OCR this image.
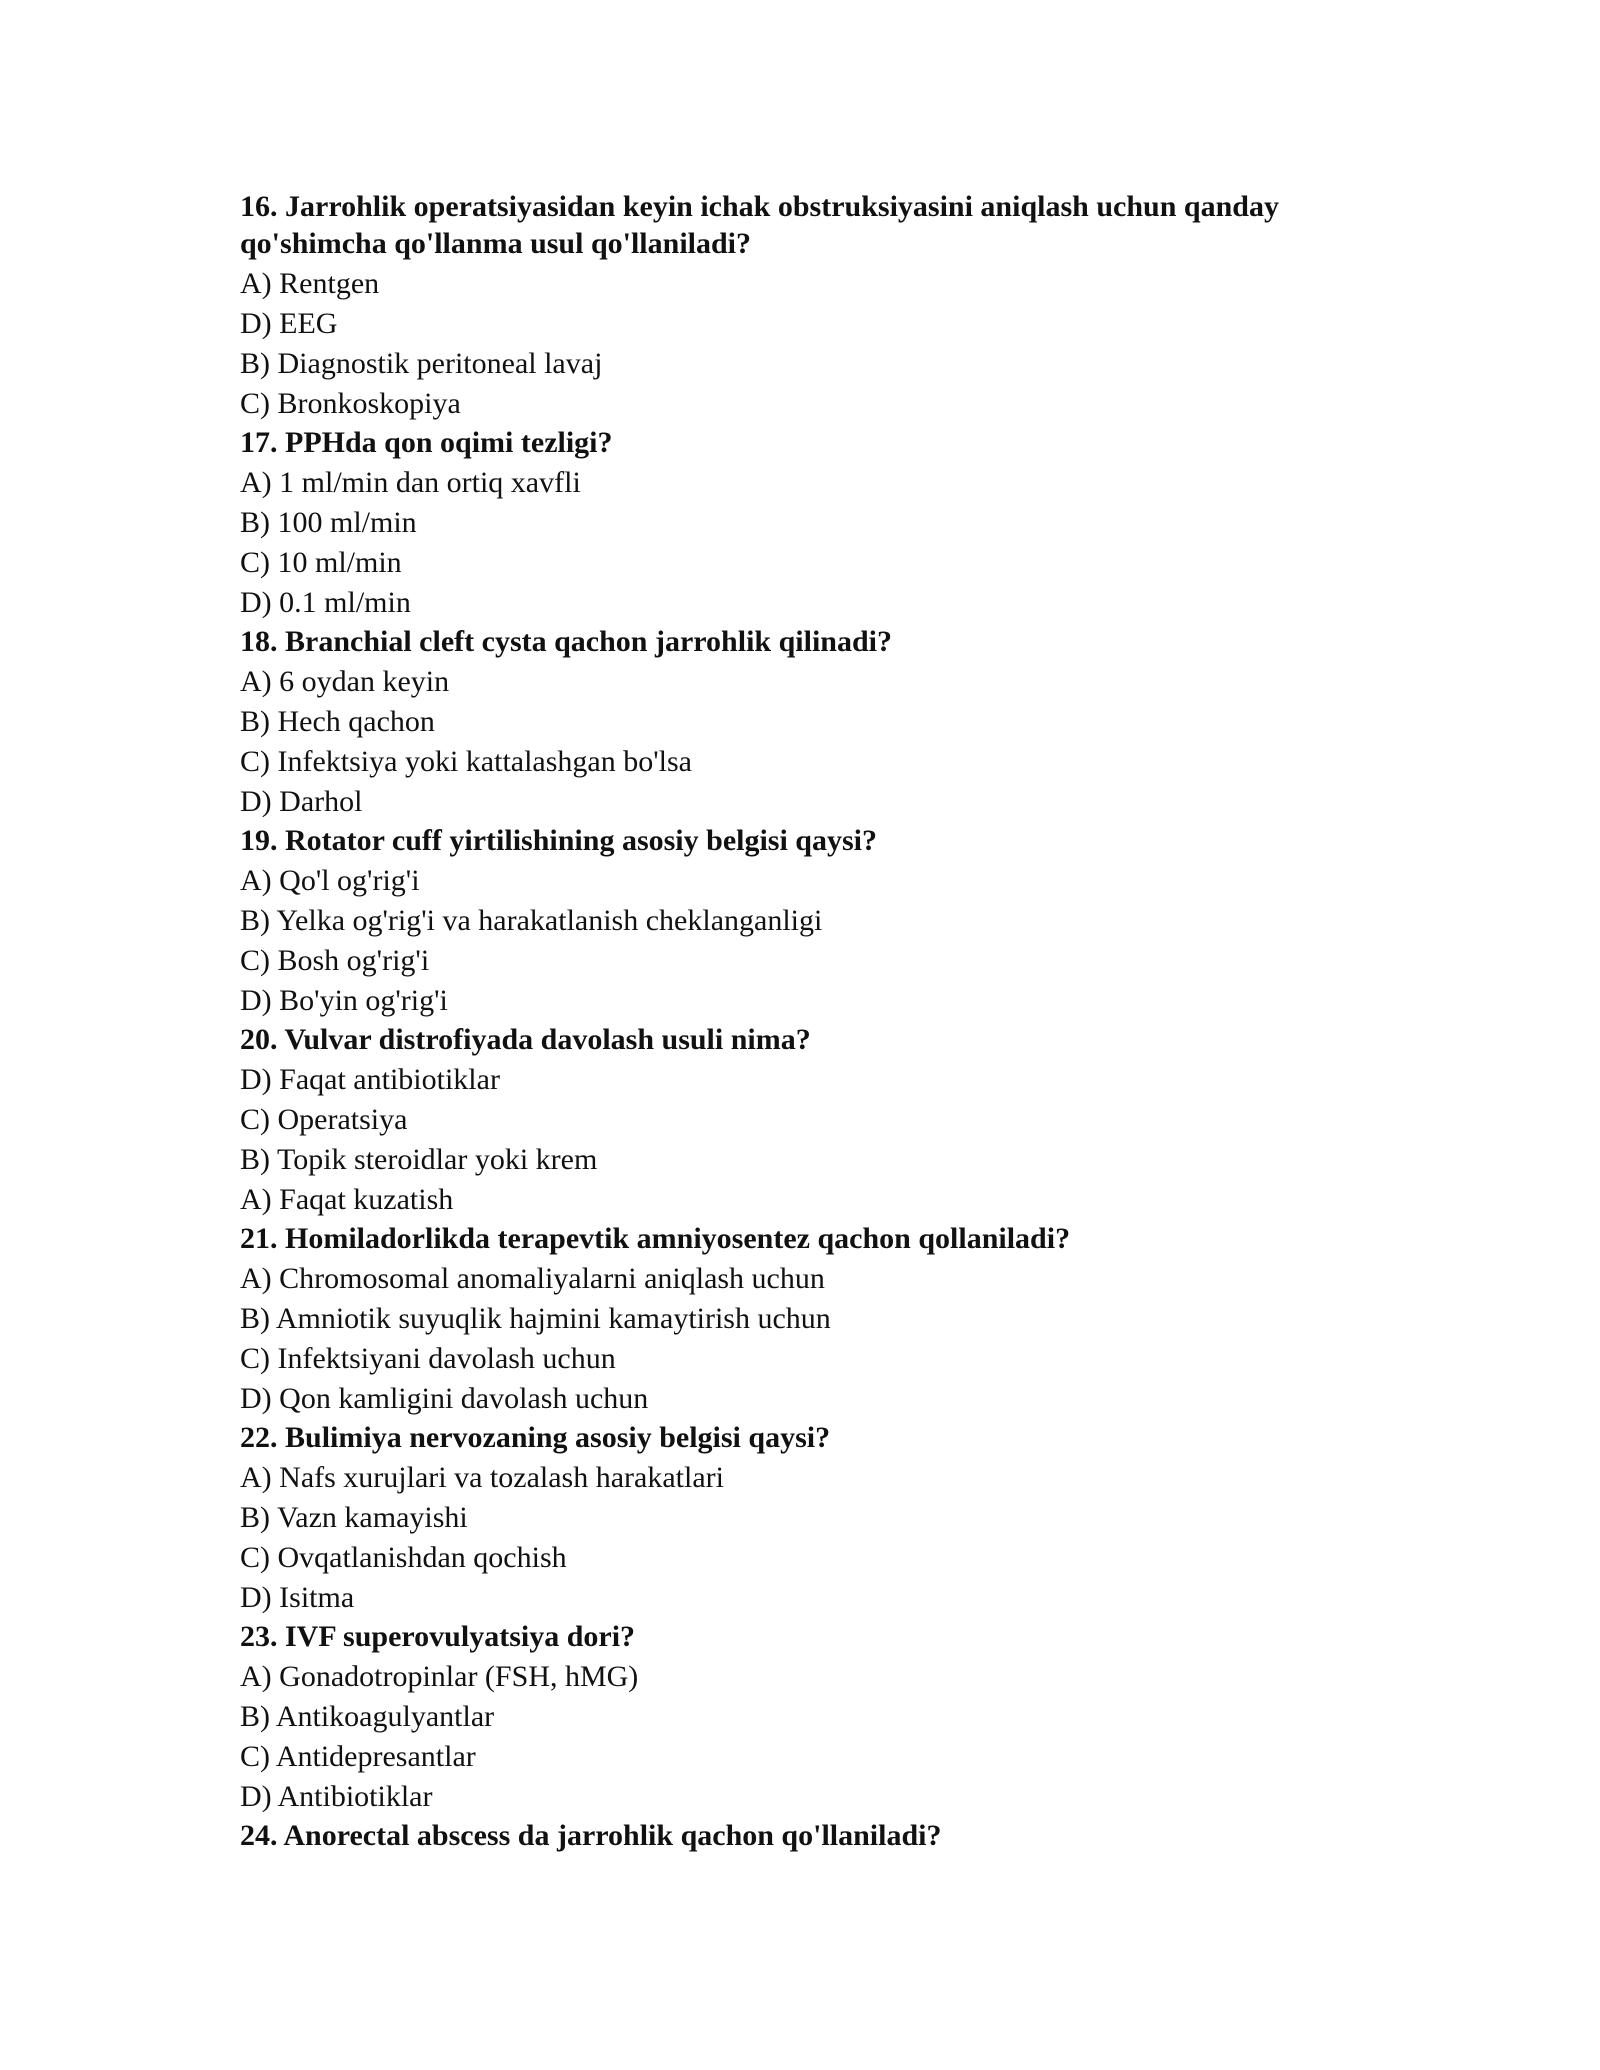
16. Jarrohlik operatsiyasidan keyin ichak obstruksiyasini aniqlash uchun qanday qo'shimcha qo'llanma usul qo'llaniladi?
A) Rentgen
D) EEG
B) Diagnostik peritoneal lavaj
C) Bronkoskopiya
17. PPHda qon oqimi tezligi?
A) 1 ml/min dan ortiq xavfli
B) 100 ml/min
C) 10 ml/min
D) 0.1 ml/min
18. Branchial cleft cysta qachon jarrohlik qilinadi?
A) 6 oydan keyin
B) Hech qachon
C) Infektsiya yoki kattalashgan bo'lsa
D) Darhol
19. Rotator cuff yirtilishining asosiy belgisi qaysi?
A) Qo'l og'rig'i
B) Yelka og'rig'i va harakatlanish cheklanganligi
C) Bosh og'rig'i
D) Bo'yin og'rig'i
20. Vulvar distrofiyada davolash usuli nima?
D) Faqat antibiotiklar
C) Operatsiya
B) Topik steroidlar yoki krem
A) Faqat kuzatish
21. Homiladorlikda terapevtik amniyosentez qachon qollaniladi?
A) Chromosomal anomaliyalarni aniqlash uchun
B) Amniotik suyuqlik hajmini kamaytirish uchun
C) Infektsiyani davolash uchun
D) Qon kamligini davolash uchun
22. Bulimiya nervozaning asosiy belgisi qaysi?
A) Nafs xurujlari va tozalash harakatlari
B) Vazn kamayishi
C) Ovqatlanishdan qochish
D) Isitma
23. IVF superovulyatsiya dori?
A) Gonadotropinlar (FSH, hMG)
B) Antikoagulyantlar
C) Antidepresantlar
D) Antibiotiklar
24. Anorectal abscess da jarrohlik qachon qo'llaniladi?
